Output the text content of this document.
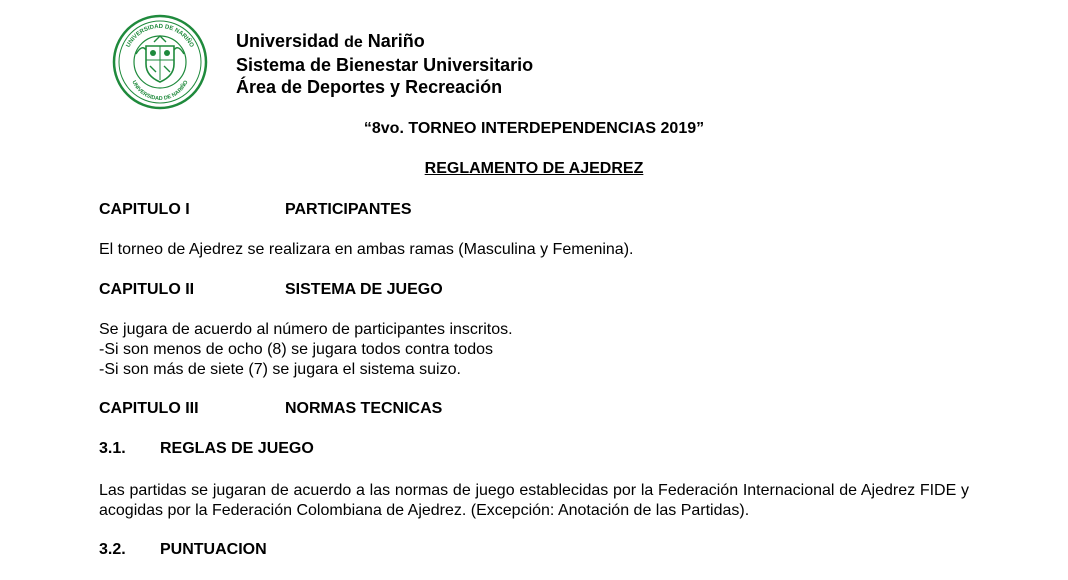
UNIVERSIDAD DE NARIÑO
UNIVERSIDAD DE NARIÑO
Universidad de Nariño
Sistema de Bienestar Universitario
Área de Deportes y Recreación
“8vo. TORNEO INTERDEPENDENCIAS 2019”
REGLAMENTO DE AJEDREZ
CAPITULO I	PARTICIPANTES
El torneo de Ajedrez se realizara en ambas ramas (Masculina y Femenina).
CAPITULO II	SISTEMA DE JUEGO
Se jugara de acuerdo al número de participantes inscritos.
-Si son menos de ocho (8) se jugara todos contra todos
-Si son más de siete (7) se jugara el sistema suizo.
CAPITULO III	NORMAS TECNICAS
3.1. REGLAS DE JUEGO
Las partidas se jugaran de acuerdo a las normas de juego establecidas por la Federación Internacional de Ajedrez FIDE y acogidas por la Federación Colombiana de Ajedrez. (Excepción: Anotación de las Partidas).
3.2. PUNTUACION
